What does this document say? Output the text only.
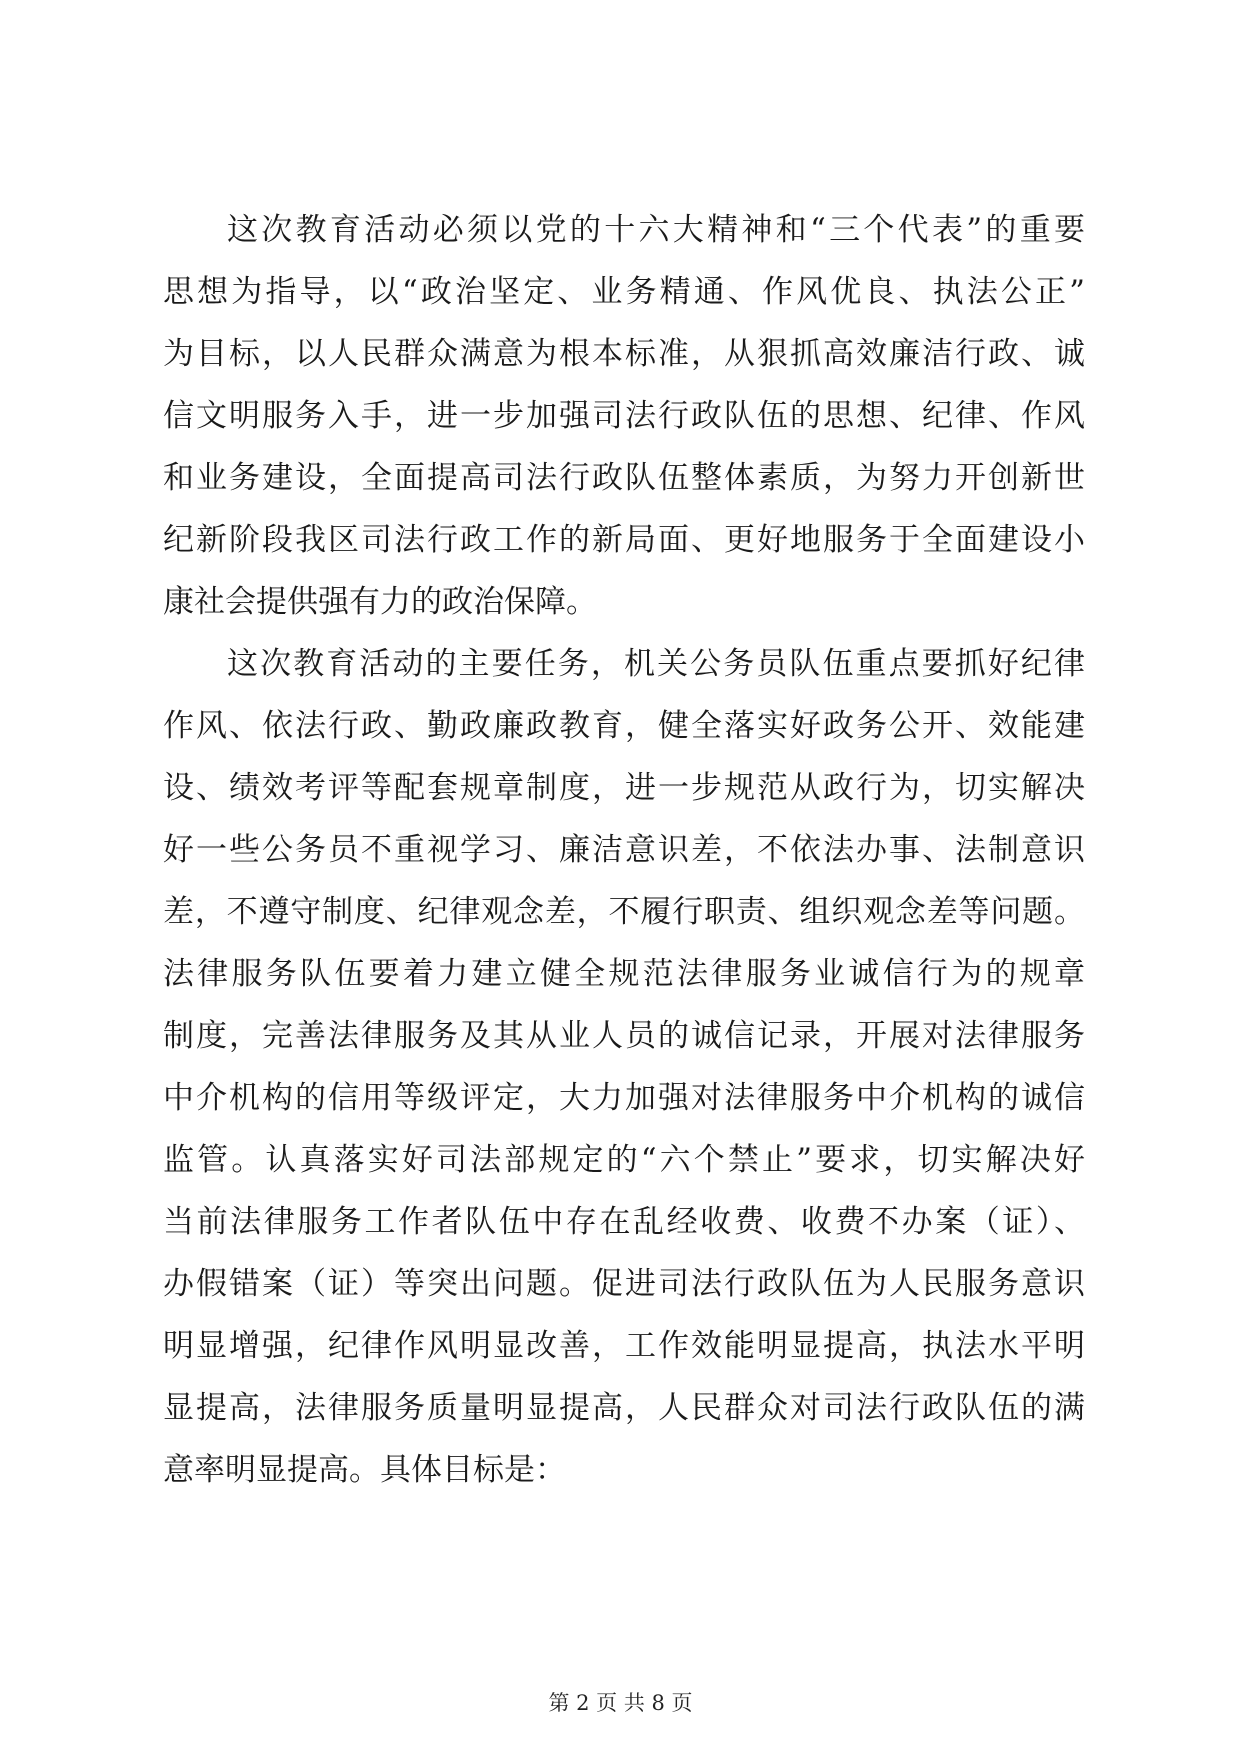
这次教育活动必须以党的十六大精神和“三个代表”的重要
思想为指导，以“政治坚定、业务精通、作风优良、执法公正”
为目标，以人民群众满意为根本标准，从狠抓高效廉洁行政、诚
信文明服务入手，进一步加强司法行政队伍的思想、纪律、作风
和业务建设，全面提高司法行政队伍整体素质，为努力开创新世
纪新阶段我区司法行政工作的新局面、更好地服务于全面建设小
康社会提供强有力的政治保障。
这次教育活动的主要任务，机关公务员队伍重点要抓好纪律
作风、依法行政、勤政廉政教育，健全落实好政务公开、效能建
设、绩效考评等配套规章制度，进一步规范从政行为，切实解决
好一些公务员不重视学习、廉洁意识差，不依法办事、法制意识
差，不遵守制度、纪律观念差，不履行职责、组织观念差等问题。
法律服务队伍要着力建立健全规范法律服务业诚信行为的规章
制度，完善法律服务及其从业人员的诚信记录，开展对法律服务
中介机构的信用等级评定，大力加强对法律服务中介机构的诚信
监管。认真落实好司法部规定的“六个禁止”要求，切实解决好
当前法律服务工作者队伍中存在乱经收费、收费不办案（证）、
办假错案（证）等突出问题。促进司法行政队伍为人民服务意识
明显增强，纪律作风明显改善，工作效能明显提高，执法水平明
显提高，法律服务质量明显提高，人民群众对司法行政队伍的满
意率明显提高。具体目标是：
第 2 页 共 8 页
